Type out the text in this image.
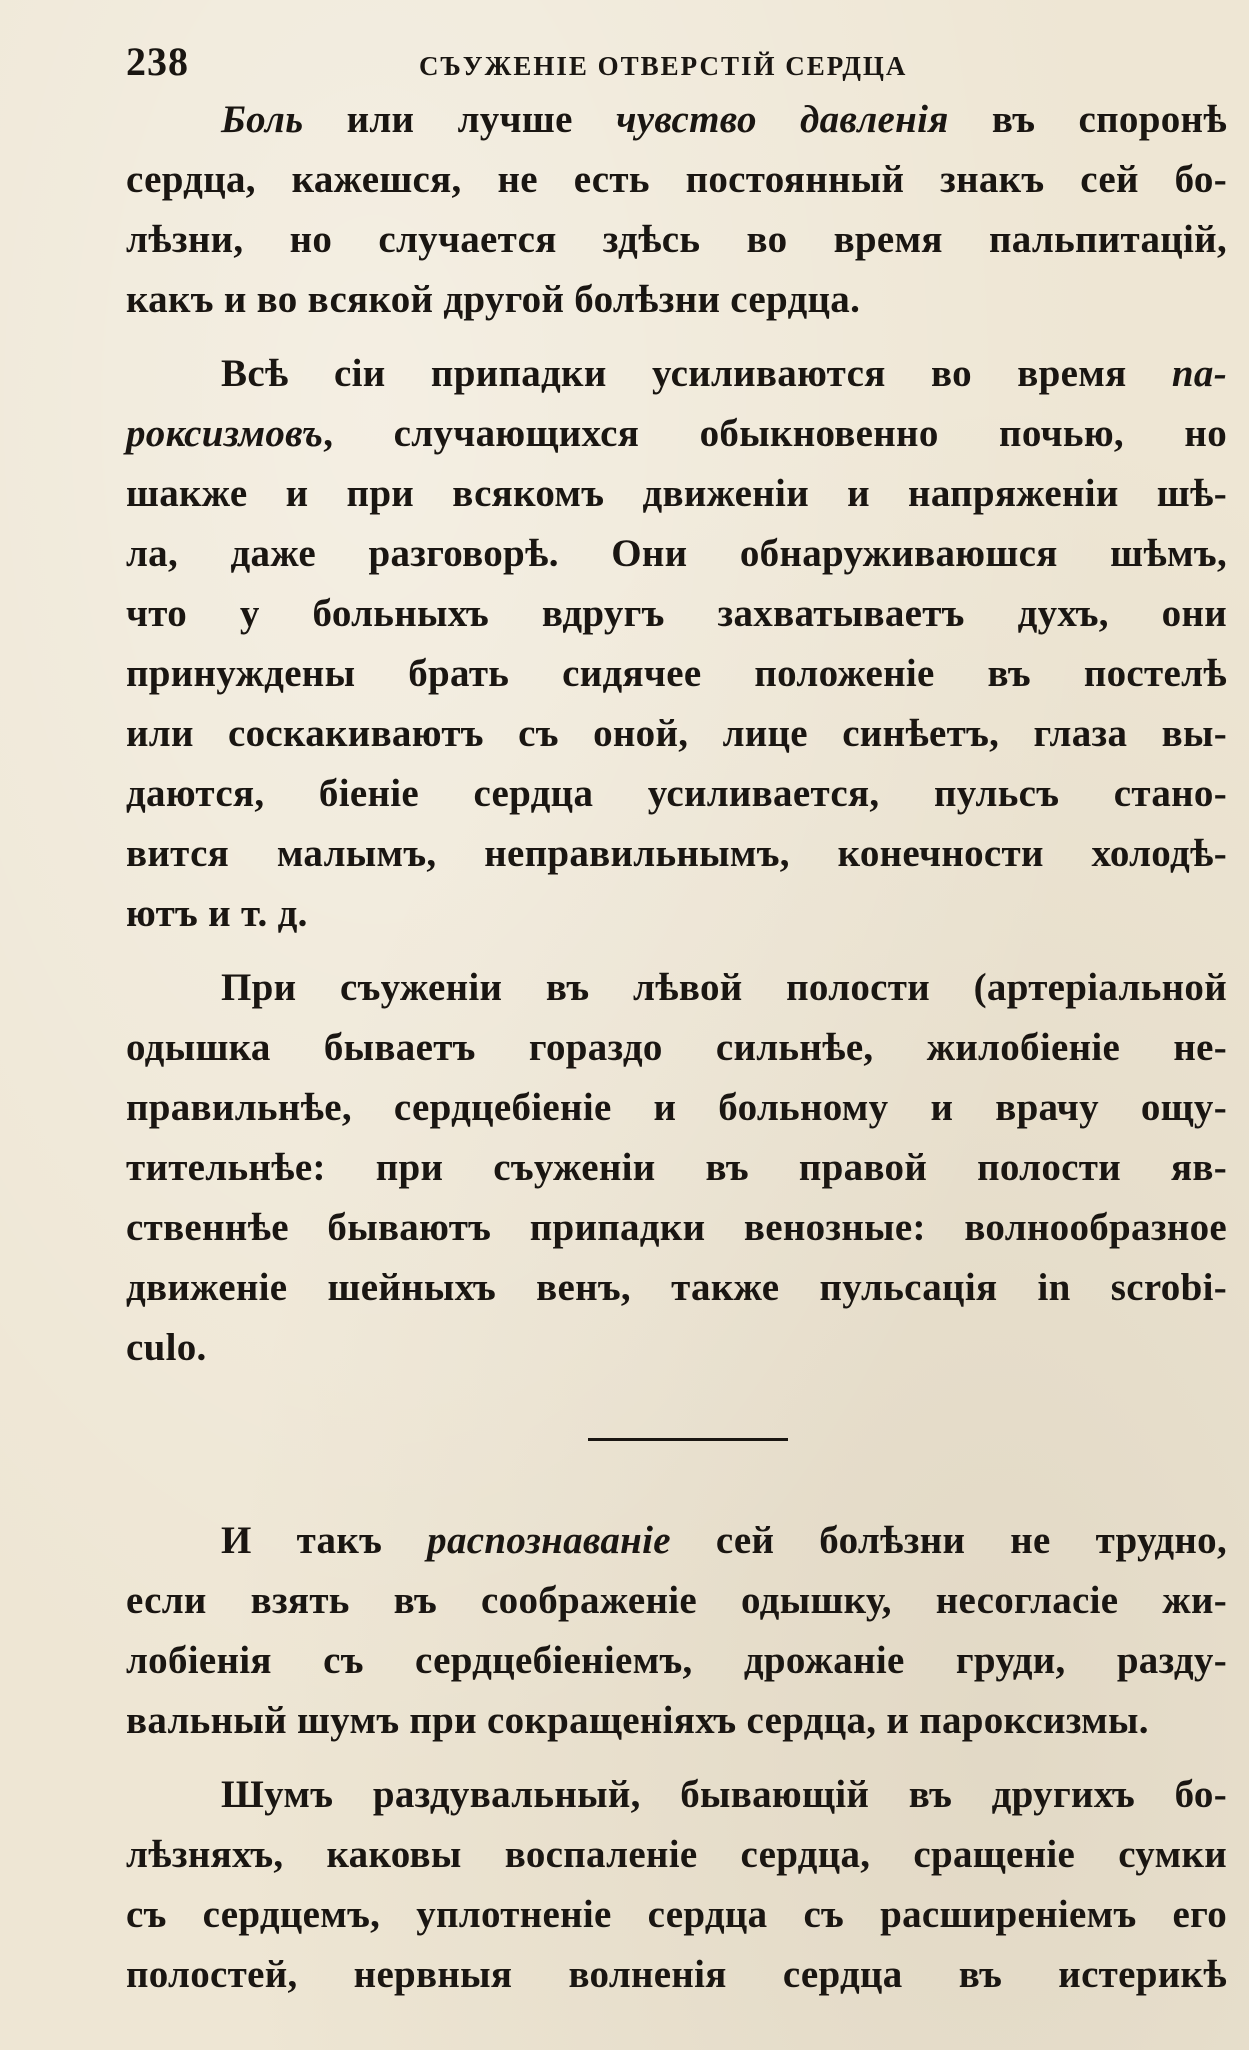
238	СЪУЖЕНІЕ ОТВЕРСТІЙ СЕРДЦА

Боль или лучше чувство давленія въ споронѣ
сердца, кажешся, не есть постоянный знакъ сей бо-
лѣзни, но случается здѣсь во время пальпитацій,
какъ и во всякой другой болѣзни сердца.

Всѣ сіи припадки усиливаются во время па-
роксизмовъ, случающихся обыкновенно почью, но
шакже и при всякомъ движеніи и напряженіи шѣ-
ла, даже разговорѣ. Они обнаруживаюшся шѣмъ,
что у больныхъ вдругъ захватываетъ духъ, они
принуждены брать сидячее положеніе въ постелѣ
или соскакиваютъ съ оной, лице синѣетъ, глаза вы-
даются, біеніе сердца усиливается, пульсъ стано-
вится малымъ, неправильнымъ, конечности холодѣ-
ютъ и т. д.

При съуженіи въ лѣвой полости (артеріальной
одышка бываетъ гораздо сильнѣе, жилобіеніе не-
правильнѣе, сердцебіеніе и больному и врачу ощу-
тительнѣе: при съуженіи въ правой полости яв-
ственнѣе бываютъ припадки венозные: волнообразное
движеніе шейныхъ венъ, также пульсація in scrobi-
culo.

И такъ распознаваніе сей болѣзни не трудно,
если взять въ соображеніе одышку, несогласіе жи-
лобіенія съ сердцебіеніемъ, дрожаніе груди, разду-
вальный шумъ при сокращеніяхъ сердца, и пароксизмы.

Шумъ раздувальный, бывающій въ другихъ бо-
лѣзняхъ, каковы воспаленіе сердца, сращеніе сумки
съ сердцемъ, уплотненіе сердца съ расширеніемъ его
полостей, нервныя волненія сердца въ истерикѣ
